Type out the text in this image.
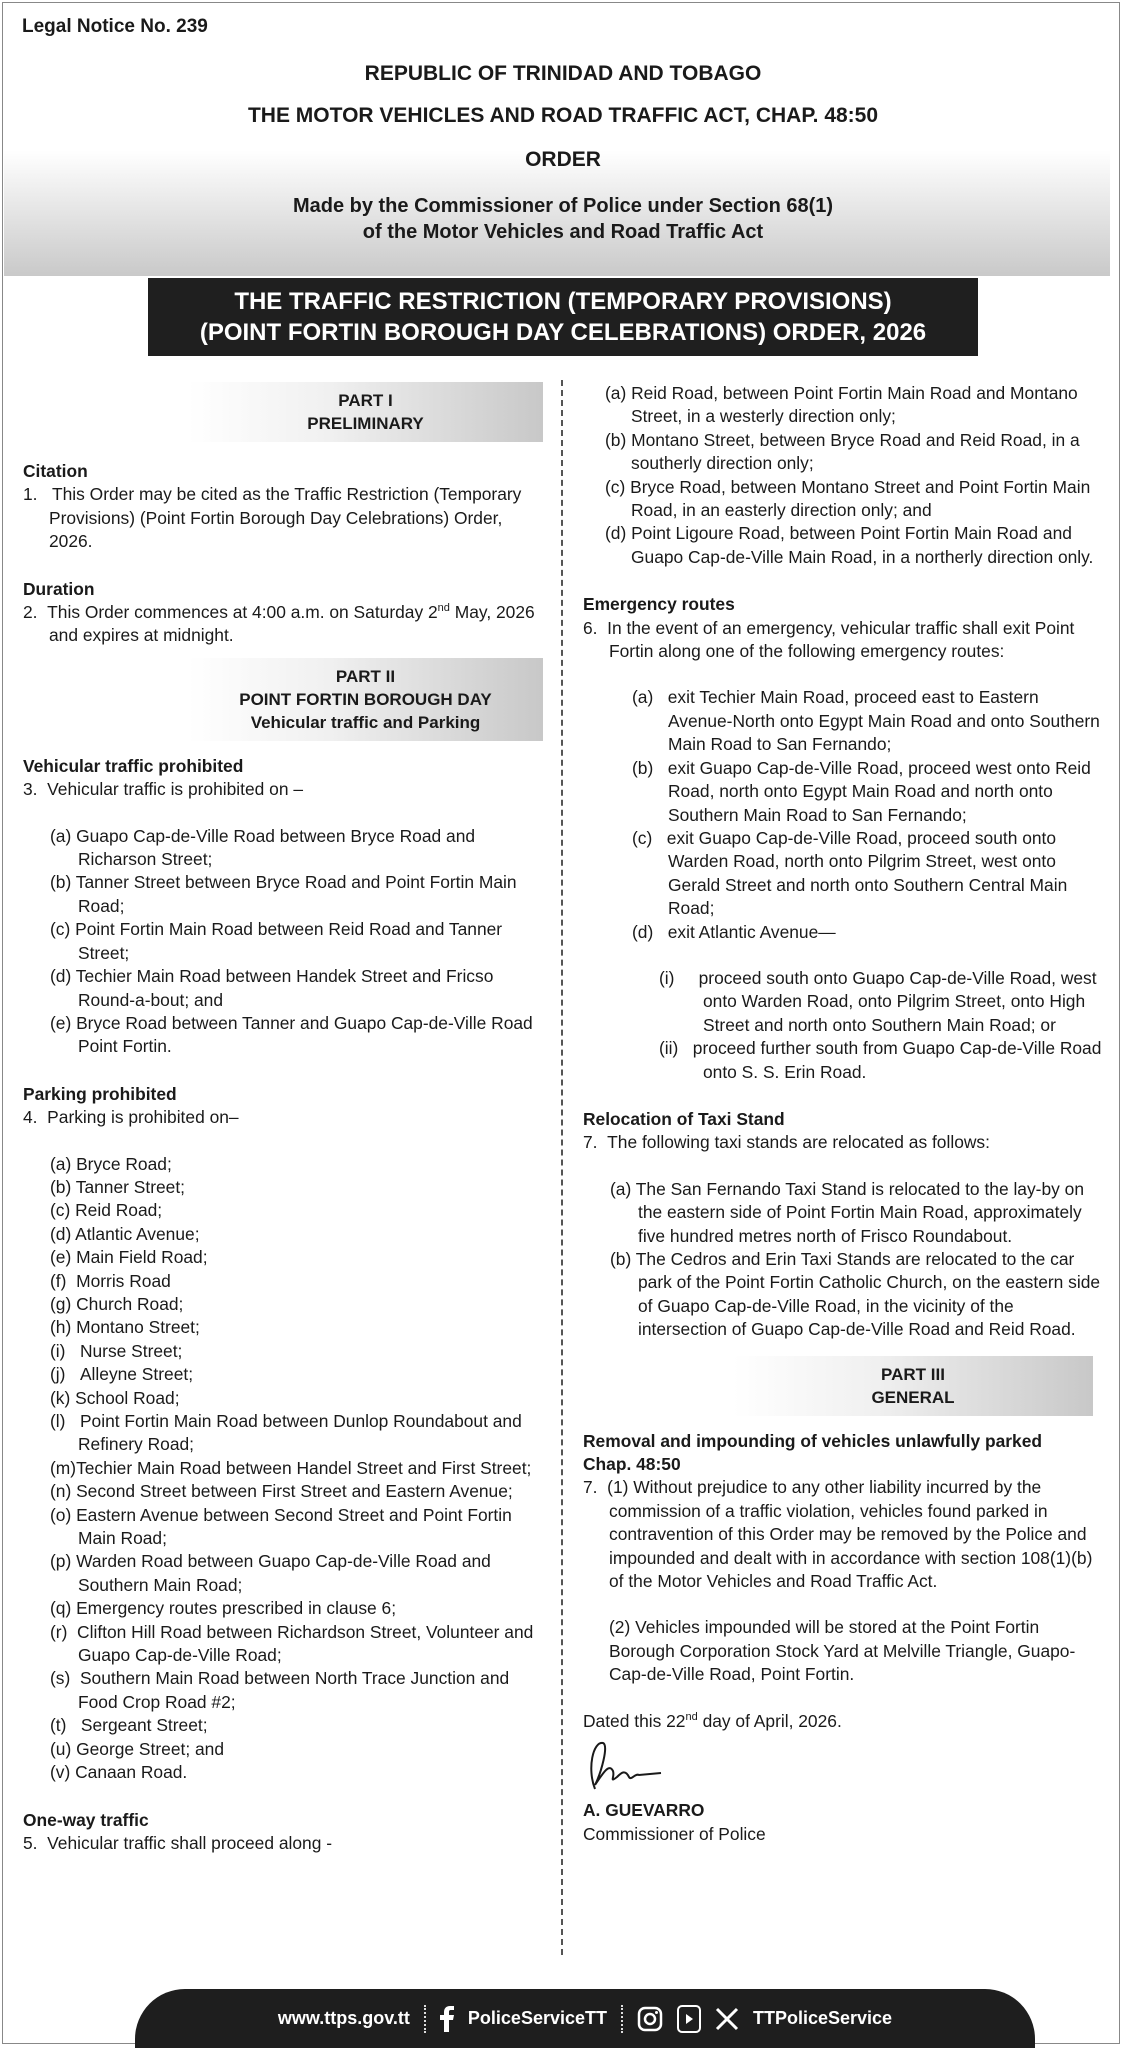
Legal Notice No. 239
REPUBLIC OF TRINIDAD AND TOBAGO
THE MOTOR VEHICLES AND ROAD TRAFFIC ACT, CHAP. 48:50
ORDER
Made by the Commissioner of Police under Section 68(1)
of the Motor Vehicles and Road Traffic Act
THE TRAFFIC RESTRICTION (TEMPORARY PROVISIONS)
(POINT FORTIN BOROUGH DAY CELEBRATIONS) ORDER, 2026
PART I
PRELIMINARY
Citation
1.   This Order may be cited as the Traffic Restriction (Temporary Provisions) (Point Fortin Borough Day Celebrations) Order, 2026.
Duration
2.  This Order commences at 4:00 a.m. on Saturday 2nd May, 2026 and expires at midnight.
PART II
POINT FORTIN BOROUGH DAY
Vehicular traffic and Parking
Vehicular traffic prohibited
3.  Vehicular traffic is prohibited on –
(a) Guapo Cap-de-Ville Road between Bryce Road and Richarson Street;
(b) Tanner Street between Bryce Road and Point Fortin Main Road;
(c) Point Fortin Main Road between Reid Road and Tanner Street;
(d) Techier Main Road between Handek Street and Fricso Round-a-bout; and
(e) Bryce Road between Tanner and Guapo Cap-de-Ville Road Point Fortin.
Parking prohibited
4.  Parking is prohibited on–
(a) Bryce Road;
(b) Tanner Street;
(c) Reid Road;
(d) Atlantic Avenue;
(e) Main Field Road;
(f)  Morris Road
(g) Church Road;
(h) Montano Street;
(i)   Nurse Street;
(j)   Alleyne Street;
(k) School Road;
(l)   Point Fortin Main Road between Dunlop Roundabout and Refinery Road;
(m)Techier Main Road between Handel Street and First Street;
(n) Second Street between First Street and Eastern Avenue;
(o) Eastern Avenue between Second Street and Point Fortin Main Road;
(p) Warden Road between Guapo Cap-de-Ville Road and Southern Main Road;
(q) Emergency routes prescribed in clause 6;
(r)  Clifton Hill Road between Richardson Street, Volunteer and Guapo Cap-de-Ville Road;
(s)  Southern Main Road between North Trace Junction and Food Crop Road #2;
(t)   Sergeant Street;
(u) George Street; and
(v) Canaan Road.
One-way traffic
5.  Vehicular traffic shall proceed along -
(a) Reid Road, between Point Fortin Main Road and Montano Street, in a westerly direction only;
(b) Montano Street, between Bryce Road and Reid Road, in a southerly direction only;
(c) Bryce Road, between Montano Street and Point Fortin Main Road, in an easterly direction only; and
(d) Point Ligoure Road, between Point Fortin Main Road and Guapo Cap-de-Ville Main Road, in a northerly direction only.
Emergency routes
6.  In the event of an emergency, vehicular traffic shall exit Point Fortin along one of the following emergency routes:
(a)   exit Techier Main Road, proceed east to Eastern Avenue-North onto Egypt Main Road and onto Southern Main Road to San Fernando;
(b)   exit Guapo Cap-de-Ville Road, proceed west onto Reid Road, north onto Egypt Main Road and north onto Southern Main Road to San Fernando;
(c)   exit Guapo Cap-de-Ville Road, proceed south onto Warden Road, north onto Pilgrim Street, west onto Gerald Street and north onto Southern Central Main Road;
(d)   exit Atlantic Avenue—
(i)     proceed south onto Guapo Cap-de-Ville Road, west onto Warden Road, onto Pilgrim Street, onto High Street and north onto Southern Main Road; or
(ii)   proceed further south from Guapo Cap-de-Ville Road onto S. S. Erin Road.
Relocation of Taxi Stand
7.  The following taxi stands are relocated as follows:
(a) The San Fernando Taxi Stand is relocated to the lay-by on the eastern side of Point Fortin Main Road, approximately five hundred metres north of Frisco Roundabout.
(b) The Cedros and Erin Taxi Stands are relocated to the car park of the Point Fortin Catholic Church, on the eastern side of Guapo Cap-de-Ville Road, in the vicinity of the intersection of Guapo Cap-de-Ville Road and Reid Road.
PART III
GENERAL
Removal and impounding of vehicles unlawfully parked
Chap. 48:50
7.  (1) Without prejudice to any other liability incurred by the commission of a traffic violation, vehicles found parked in contravention of this Order may be removed by the Police and impounded and dealt with in accordance with section 108(1)(b) of the Motor Vehicles and Road Traffic Act.
(2) Vehicles impounded will be stored at the Point Fortin Borough Corporation Stock Yard at Melville Triangle, Guapo-Cap-de-Ville Road, Point Fortin.
Dated this 22nd day of April, 2026.
A. GUEVARRO
Commissioner of Police
www.ttps.gov.tt	PoliceServiceTT	TTPoliceService
